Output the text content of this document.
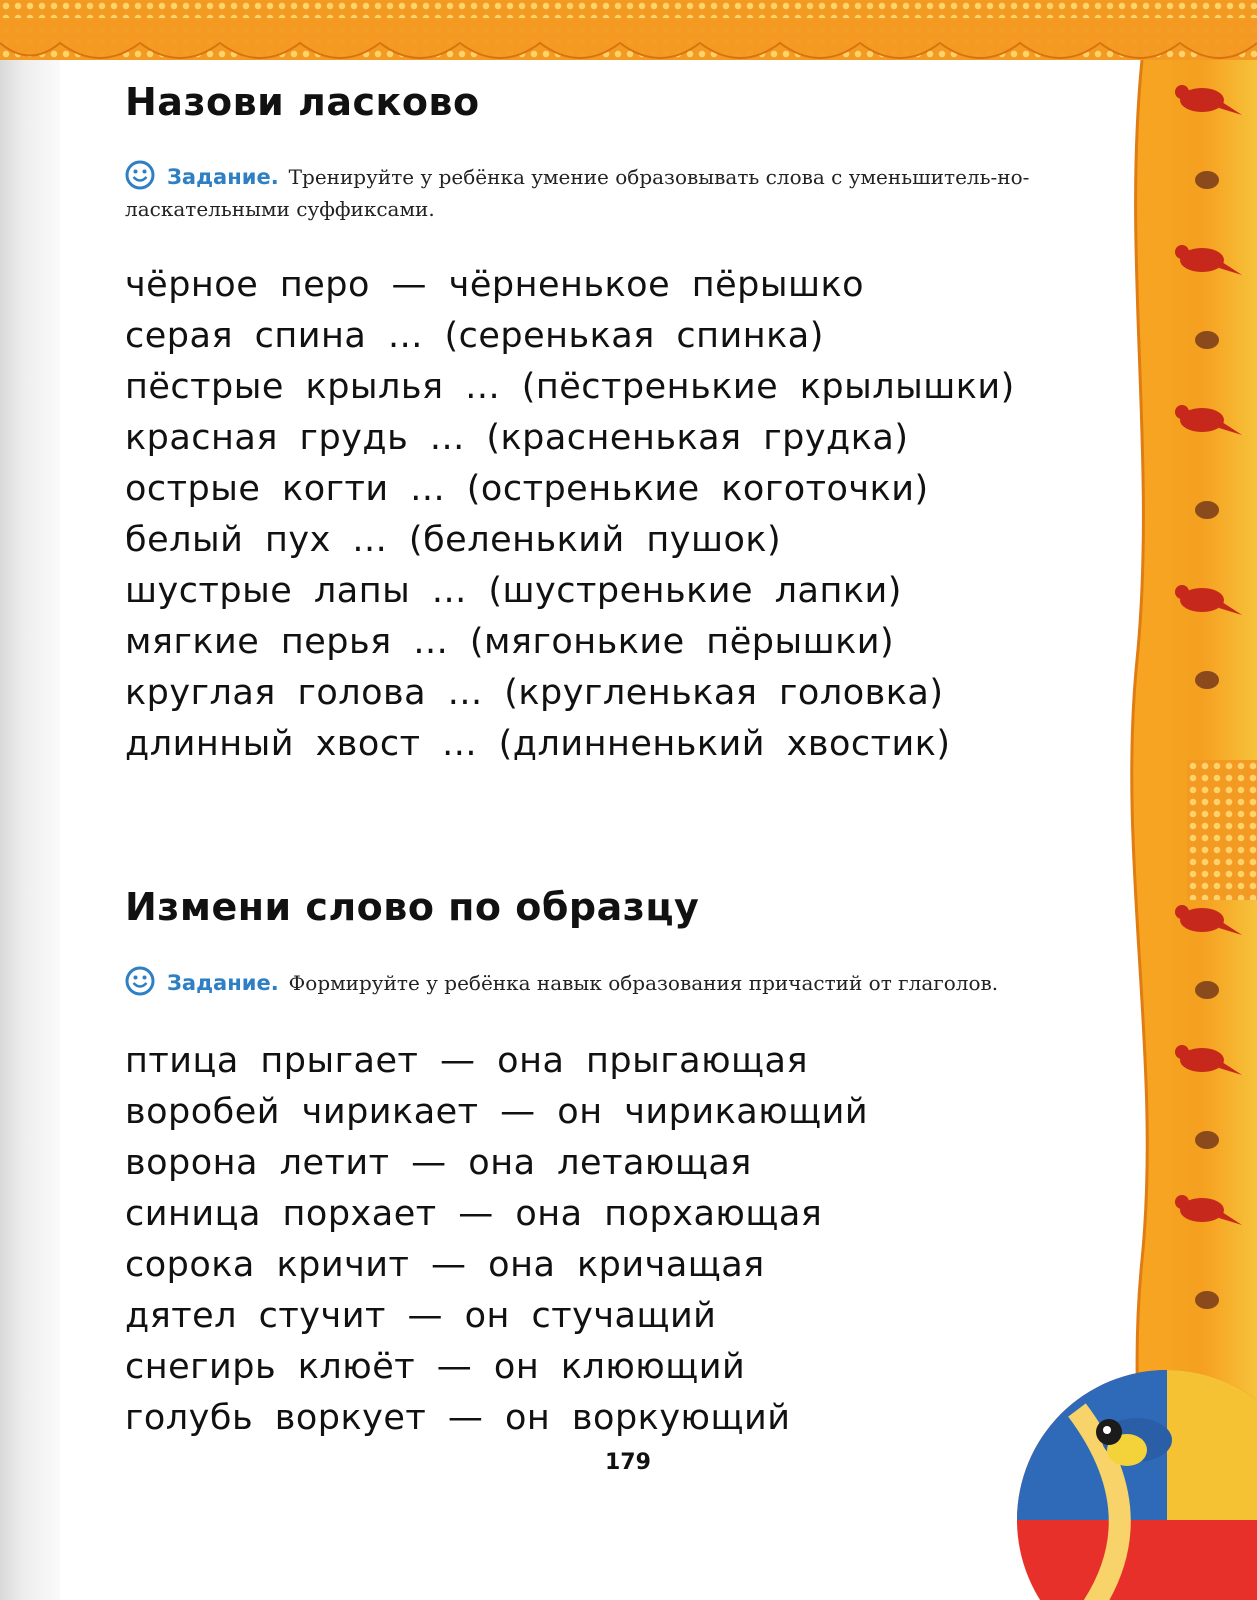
Назови ласково
Задание. Тренируйте у ребёнка умение образовывать слова с уменьшитель-но-ласкательными суффиксами.
чёрное перо — чёрненькое пёрышко
серая спина ... (серенькая спинка)
пёстрые крылья ... (пёстренькие крылышки)
красная грудь ... (красненькая грудка)
острые когти ... (остренькие коготочки)
белый пух ... (беленький пушок)
шустрые лапы ... (шустренькие лапки)
мягкие перья ... (мягонькие пёрышки)
круглая голова ... (кругленькая головка)
длинный хвост ... (длинненький хвостик)
Измени слово по образцу
Задание. Формируйте у ребёнка навык образования причастий от глаголов.
птица прыгает — она прыгающая
воробей чирикает — он чирикающий
ворона летит — она летающая
синица порхает — она порхающая
сорока кричит — она кричащая
дятел стучит — он стучащий
снегирь клюёт — он клюющий
голубь воркует — он воркующий
179
